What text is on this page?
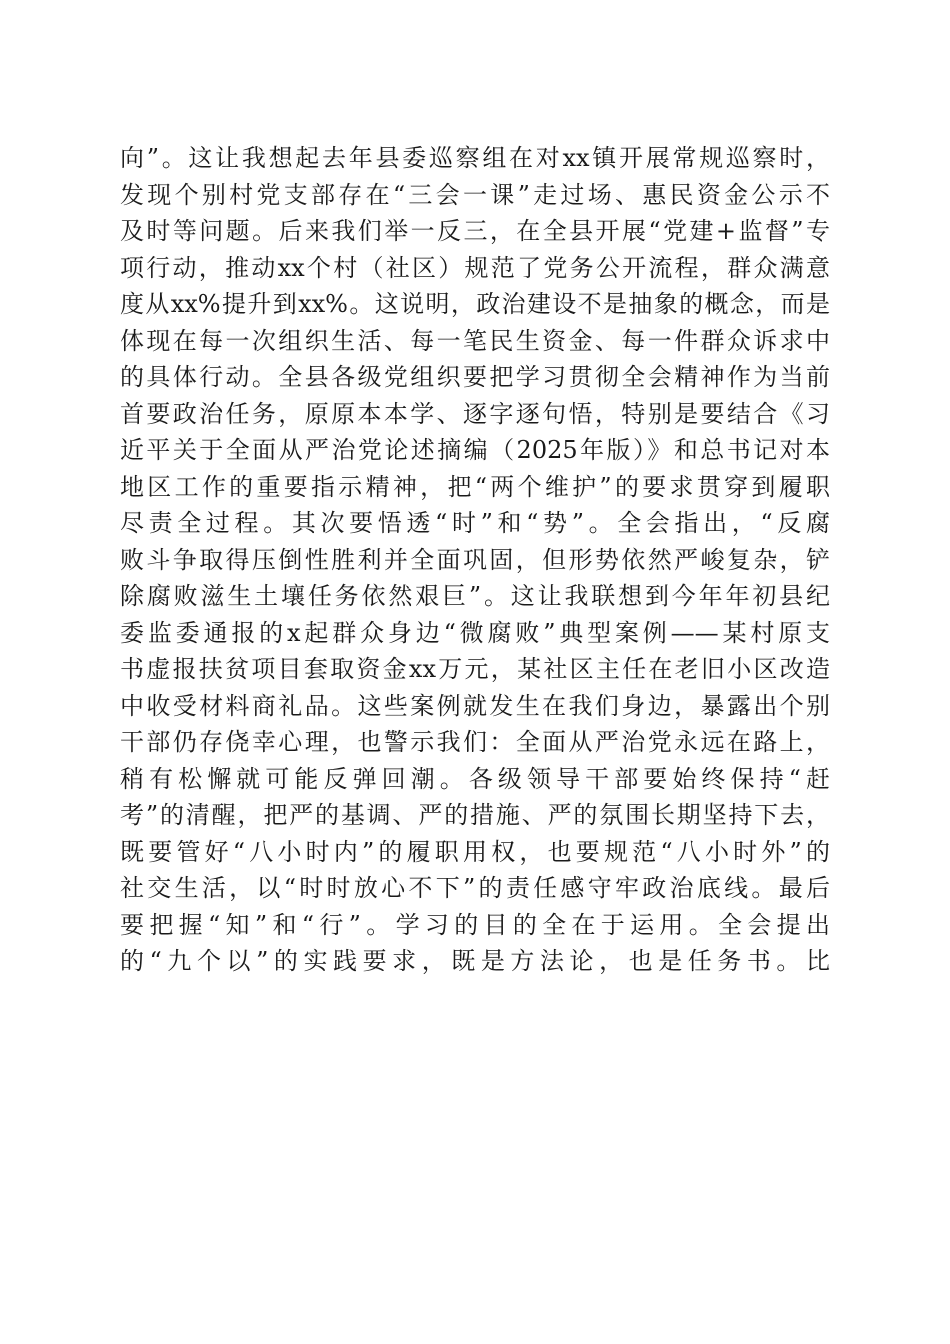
向”。这让我想起去年县委巡察组在对xx镇开展常规巡察时，
发现个别村党支部存在“三会一课”走过场、惠民资金公示不
及时等问题。后来我们举一反三，在全县开展“党建+监督”专
项行动，推动xx个村（社区）规范了党务公开流程，群众满意
度从xx%提升到xx%。这说明，政治建设不是抽象的概念，而是
体现在每一次组织生活、每一笔民生资金、每一件群众诉求中
的具体行动。全县各级党组织要把学习贯彻全会精神作为当前
首要政治任务，原原本本学、逐字逐句悟，特别是要结合《习
近平关于全面从严治党论述摘编（2025年版）》和总书记对本
地区工作的重要指示精神，把“两个维护”的要求贯穿到履职
尽责全过程。其次要悟透“时”和“势”。全会指出，“反腐
败斗争取得压倒性胜利并全面巩固，但形势依然严峻复杂，铲
除腐败滋生土壤任务依然艰巨”。这让我联想到今年年初县纪
委监委通报的x起群众身边“微腐败”典型案例——某村原支
书虚报扶贫项目套取资金xx万元，某社区主任在老旧小区改造
中收受材料商礼品。这些案例就发生在我们身边，暴露出个别
干部仍存侥幸心理，也警示我们：全面从严治党永远在路上，
稍有松懈就可能反弹回潮。各级领导干部要始终保持“赶
考”的清醒，把严的基调、严的措施、严的氛围长期坚持下去，
既要管好“八小时内”的履职用权，也要规范“八小时外”的
社交生活，以“时时放心不下”的责任感守牢政治底线。最后
要把握“知”和“行”。学习的目的全在于运用。全会提出
的“九个以”的实践要求，既是方法论，也是任务书。比
